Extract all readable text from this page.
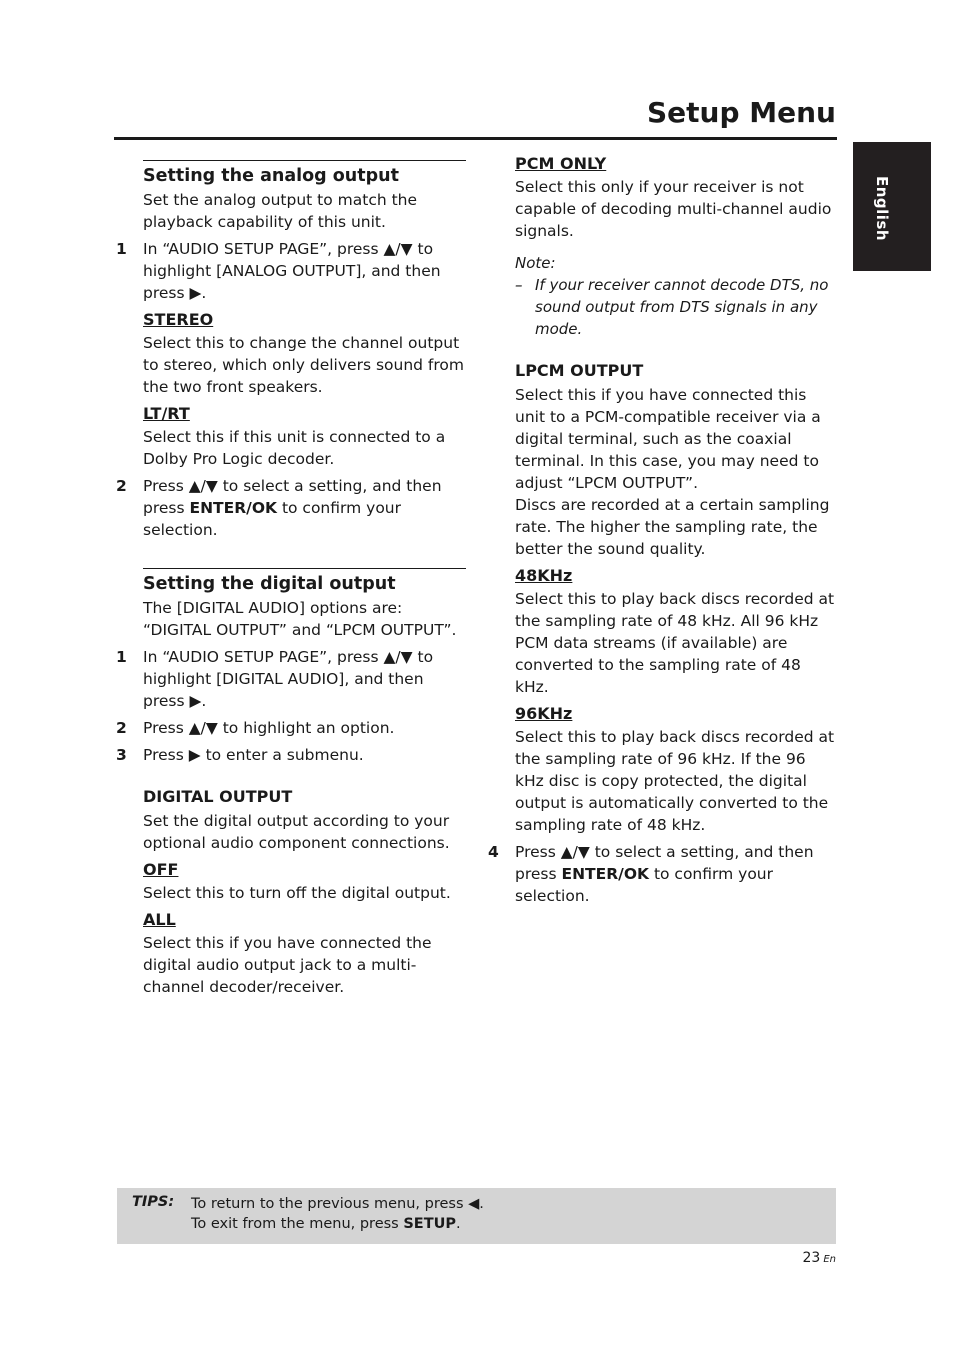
Setup Menu
English
Setting the analog output

Set the analog output to match the playback capability of this unit.

1	In “AUDIO SETUP PAGE”, press ▲/▼ to highlight [ANALOG OUTPUT], and then press ▶.
STEREO

Select this to change the channel output to stereo, which only delivers sound from the two front speakers.

LT/RT

Select this if this unit is connected to a Dolby Pro Logic decoder.

2	Press ▲/▼ to select a setting, and then press ENTER/OK to confirm your selection.
Setting the digital output

The [DIGITAL AUDIO] options are: “DIGITAL OUTPUT” and “LPCM OUTPUT”.

1	In “AUDIO SETUP PAGE”, press ▲/▼ to highlight [DIGITAL AUDIO], and then press ▶.
2	Press ▲/▼ to highlight an option.
3	Press ▶ to enter a submenu.
DIGITAL OUTPUT

Set the digital output according to your optional audio component connections.

OFF

Select this to turn off the digital output.

ALL

Select this if you have connected the digital audio output jack to a multi-channel decoder/receiver.

PCM ONLY

Select this only if your receiver is not capable of decoding multi-channel audio signals.

Note:

– If your receiver cannot decode DTS, no sound output from DTS signals in any mode.
LPCM OUTPUT

Select this if you have connected this unit to a PCM-compatible receiver via a digital terminal, such as the coaxial terminal. In this case, you may need to adjust “LPCM OUTPUT”.

Discs are recorded at a certain sampling rate. The higher the sampling rate, the better the sound quality.

48KHz

Select this to play back discs recorded at the sampling rate of 48 kHz. All 96 kHz PCM data streams (if available) are converted to the sampling rate of 48 kHz.

96KHz

Select this to play back discs recorded at the sampling rate of 96 kHz. If the 96 kHz disc is copy protected, the digital output is automatically converted to the sampling rate of 48 kHz.

4	Press ▲/▼ to select a setting, and then press ENTER/OK to confirm your selection.
TIPS: To return to the previous menu, press ◀.
To exit from the menu, press SETUP.
23 En
